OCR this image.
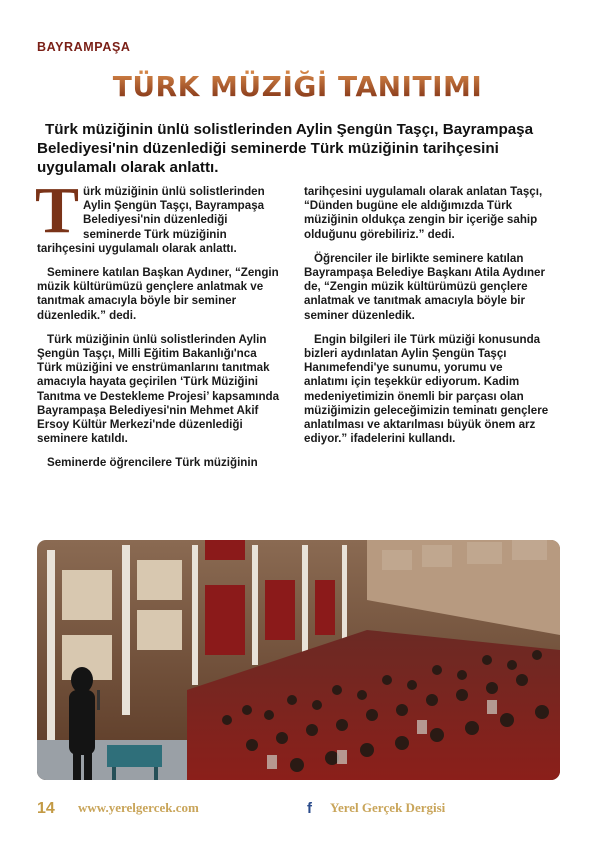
BAYRAMPAŞA
TÜRK MÜZİĞİ TANITIMI
Türk müziğinin ünlü solistlerinden Aylin Şengün Taşçı, Bayrampaşa Belediyesi'nin düzenlediği seminerde Türk müziğinin tarihçesini uygulamalı olarak anlattı.

Türk müziğinin ünlü solistlerinden Aylin Şengün Taşçı, Bayrampaşa Belediyesi'nin düzenlediği seminerde Türk müziğinin tarihçesini uygulamalı olarak anlattı.

Seminere katılan Başkan Aydıner, “Zengin müzik kültürümüzü gençlere anlatmak ve tanıtmak amacıyla böyle bir seminer düzenledik.” dedi.

Türk müziğinin ünlü solistlerinden Aylin Şengün Taşçı, Milli Eğitim Bakanlığı'nca Türk müziğini ve enstrümanlarını tanıtmak amacıyla hayata geçirilen ‘Türk Müziğini Tanıtma ve Destekleme Projesi’ kapsamında Bayrampaşa Belediyesi'nin Mehmet Akif Ersoy Kültür Merkezi'nde düzenlediği seminere katıldı.

Seminerde öğrencilere Türk müziğinin

tarihçesini uygulamalı olarak anlatan Taşçı, “Dünden bugüne ele aldığımızda Türk müziğinin oldukça zengin bir içeriğe sahip olduğunu görebiliriz.” dedi.

Öğrenciler ile birlikte seminere katılan Bayrampaşa Belediye Başkanı Atila Aydıner de, “Zengin müzik kültürümüzü gençlere anlatmak ve tanıtmak amacıyla böyle bir seminer düzenledik.

Engin bilgileri ile Türk müziği konusunda bizleri aydınlatan Aylin Şengün Taşçı Hanımefendi'ye sunumu, yorumu ve anlatımı için teşekkür ediyorum. Kadim medeniyetimizin önemli bir parçası olan müziğimizin geleceğimizin teminatı gençlere anlatılması ve aktarılması büyük önem arz ediyor.” ifadelerini kullandı.

14 www.yerelgercek.com	f Yerel Gerçek Dergisi
